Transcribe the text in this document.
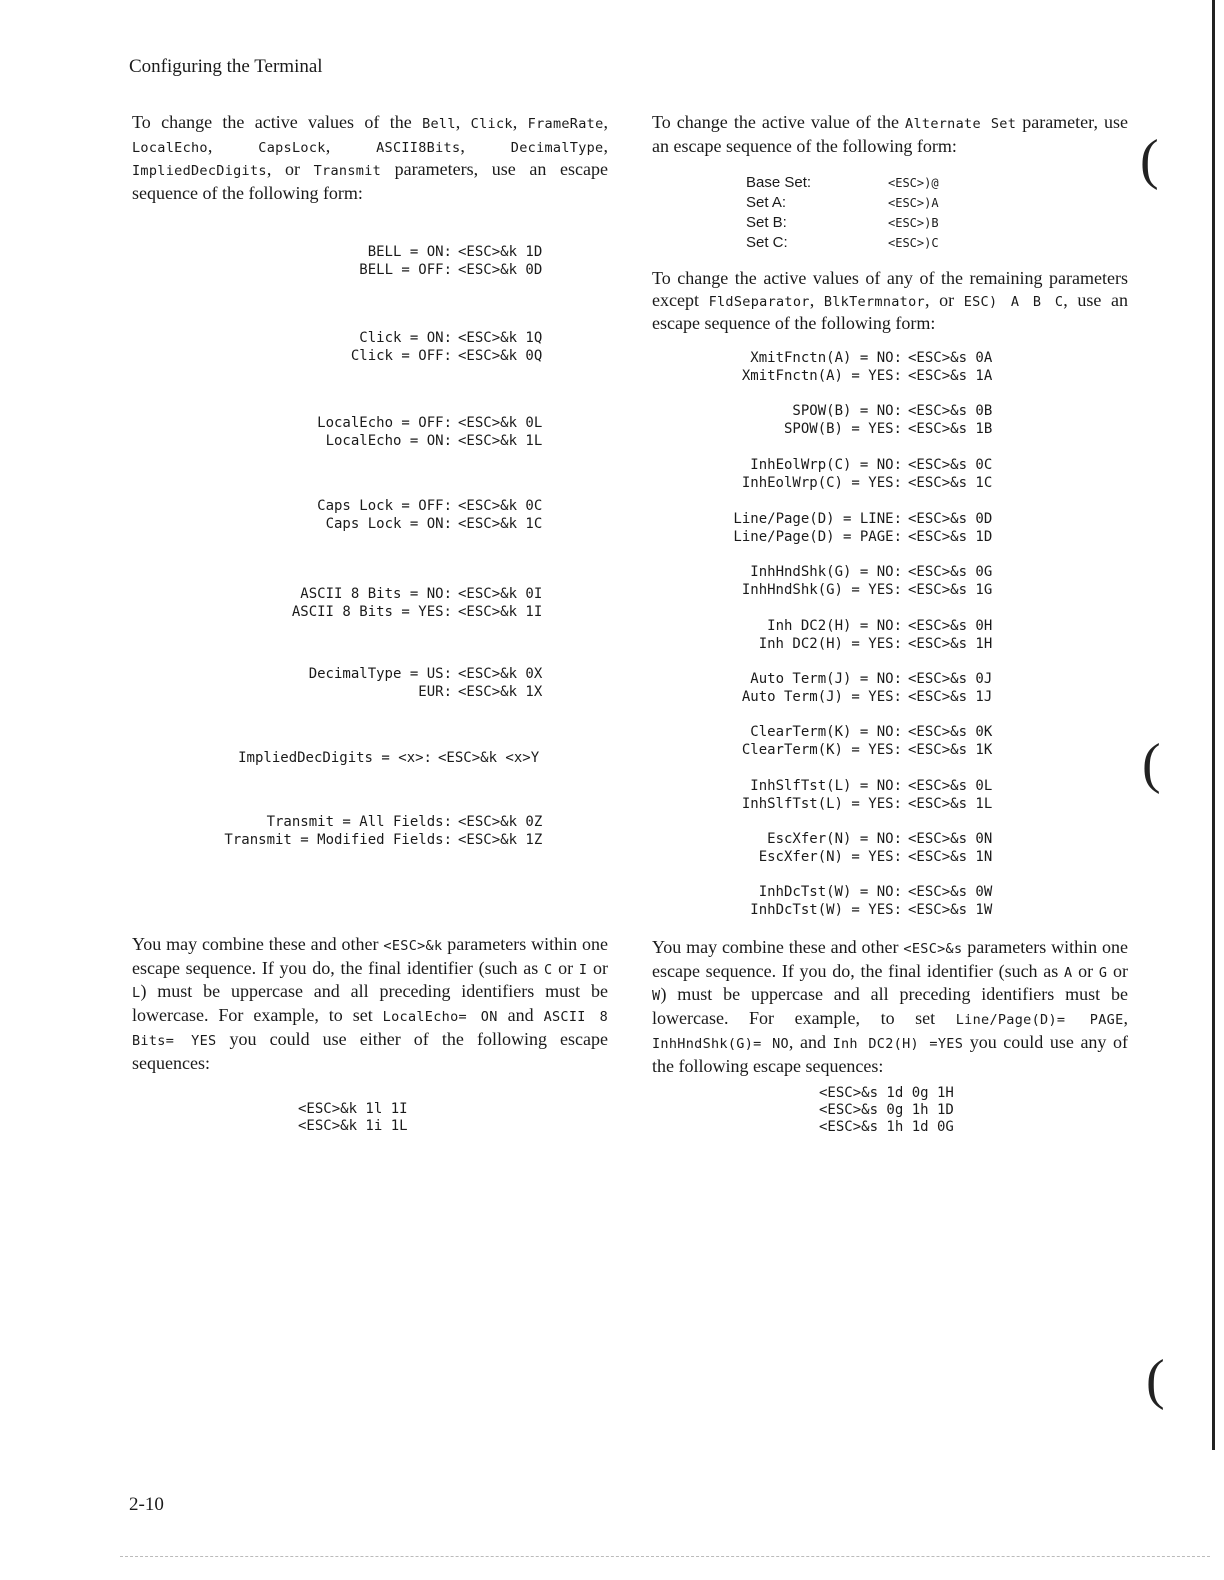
Configuring the Terminal

To change the active values of the Bell, Click, FrameRate, LocalEcho, CapsLock, ASCII8Bits, DecimalType, ImpliedDecDigits, or Transmit parameters, use an escape sequence of the following form:

BELL = ON:	<ESC>&k 1D
BELL = OFF:	<ESC>&k 0D
Click = ON:	<ESC>&k 1Q
Click = OFF:	<ESC>&k 0Q
LocalEcho = OFF:	<ESC>&k 0L
LocalEcho = ON:	<ESC>&k 1L
Caps Lock = OFF:	<ESC>&k 0C
Caps Lock = ON:	<ESC>&k 1C
ASCII 8 Bits = NO:	<ESC>&k 0I
ASCII 8 Bits = YES:	<ESC>&k 1I
DecimalType = US:	<ESC>&k 0X
EUR:	<ESC>&k 1X
ImpliedDecDigits = <x>:	<ESC>&k <x>Y
Transmit = All Fields:	<ESC>&k 0Z
Transmit = Modified Fields:	<ESC>&k 1Z

You may combine these and other <ESC>&k parameters within one escape sequence. If you do, the final identifier (such as C or I or L) must be uppercase and all preceding identifiers must be lowercase. For example, to set LocalEcho= ON and ASCII 8 Bits= YES you could use either of the following escape sequences:

<ESC>&k 1l 1I
<ESC>&k 1i 1L

To change the active value of the Alternate Set parameter, use an escape sequence of the following form:

Base Set:	<ESC>)@
Set A:	<ESC>)A
Set B:	<ESC>)B
Set C:	<ESC>)C

To change the active values of any of the remaining parameters except FldSeparator, BlkTermnator, or ESC) A B C, use an escape sequence of the following form:

XmitFnctn(A) = NO:	<ESC>&s 0A
XmitFnctn(A) = YES:	<ESC>&s 1A
SPOW(B) = NO:	<ESC>&s 0B
SPOW(B) = YES:	<ESC>&s 1B
InhEolWrp(C) = NO:	<ESC>&s 0C
InhEolWrp(C) = YES:	<ESC>&s 1C
Line/Page(D) = LINE:	<ESC>&s 0D
Line/Page(D) = PAGE:	<ESC>&s 1D
InhHndShk(G) = NO:	<ESC>&s 0G
InhHndShk(G) = YES:	<ESC>&s 1G
Inh DC2(H) = NO:	<ESC>&s 0H
Inh DC2(H) = YES:	<ESC>&s 1H
Auto Term(J) = NO:	<ESC>&s 0J
Auto Term(J) = YES:	<ESC>&s 1J
ClearTerm(K) = NO:	<ESC>&s 0K
ClearTerm(K) = YES:	<ESC>&s 1K
InhSlfTst(L) = NO:	<ESC>&s 0L
InhSlfTst(L) = YES:	<ESC>&s 1L
EscXfer(N) = NO:	<ESC>&s 0N
EscXfer(N) = YES:	<ESC>&s 1N
InhDcTst(W) = NO:	<ESC>&s 0W
InhDcTst(W) = YES:	<ESC>&s 1W

You may combine these and other <ESC>&s parameters within one escape sequence. If you do, the final identifier (such as A or G or W) must be uppercase and all preceding identifiers must be lowercase. For example, to set Line/Page(D)= PAGE, InhHndShk(G)= NO, and Inh DC2(H) =YES you could use any of the following escape sequences:

<ESC>&s 1d 0g 1H
<ESC>&s 0g 1h 1D
<ESC>&s 1h 1d 0G
(
(
(
2-10
